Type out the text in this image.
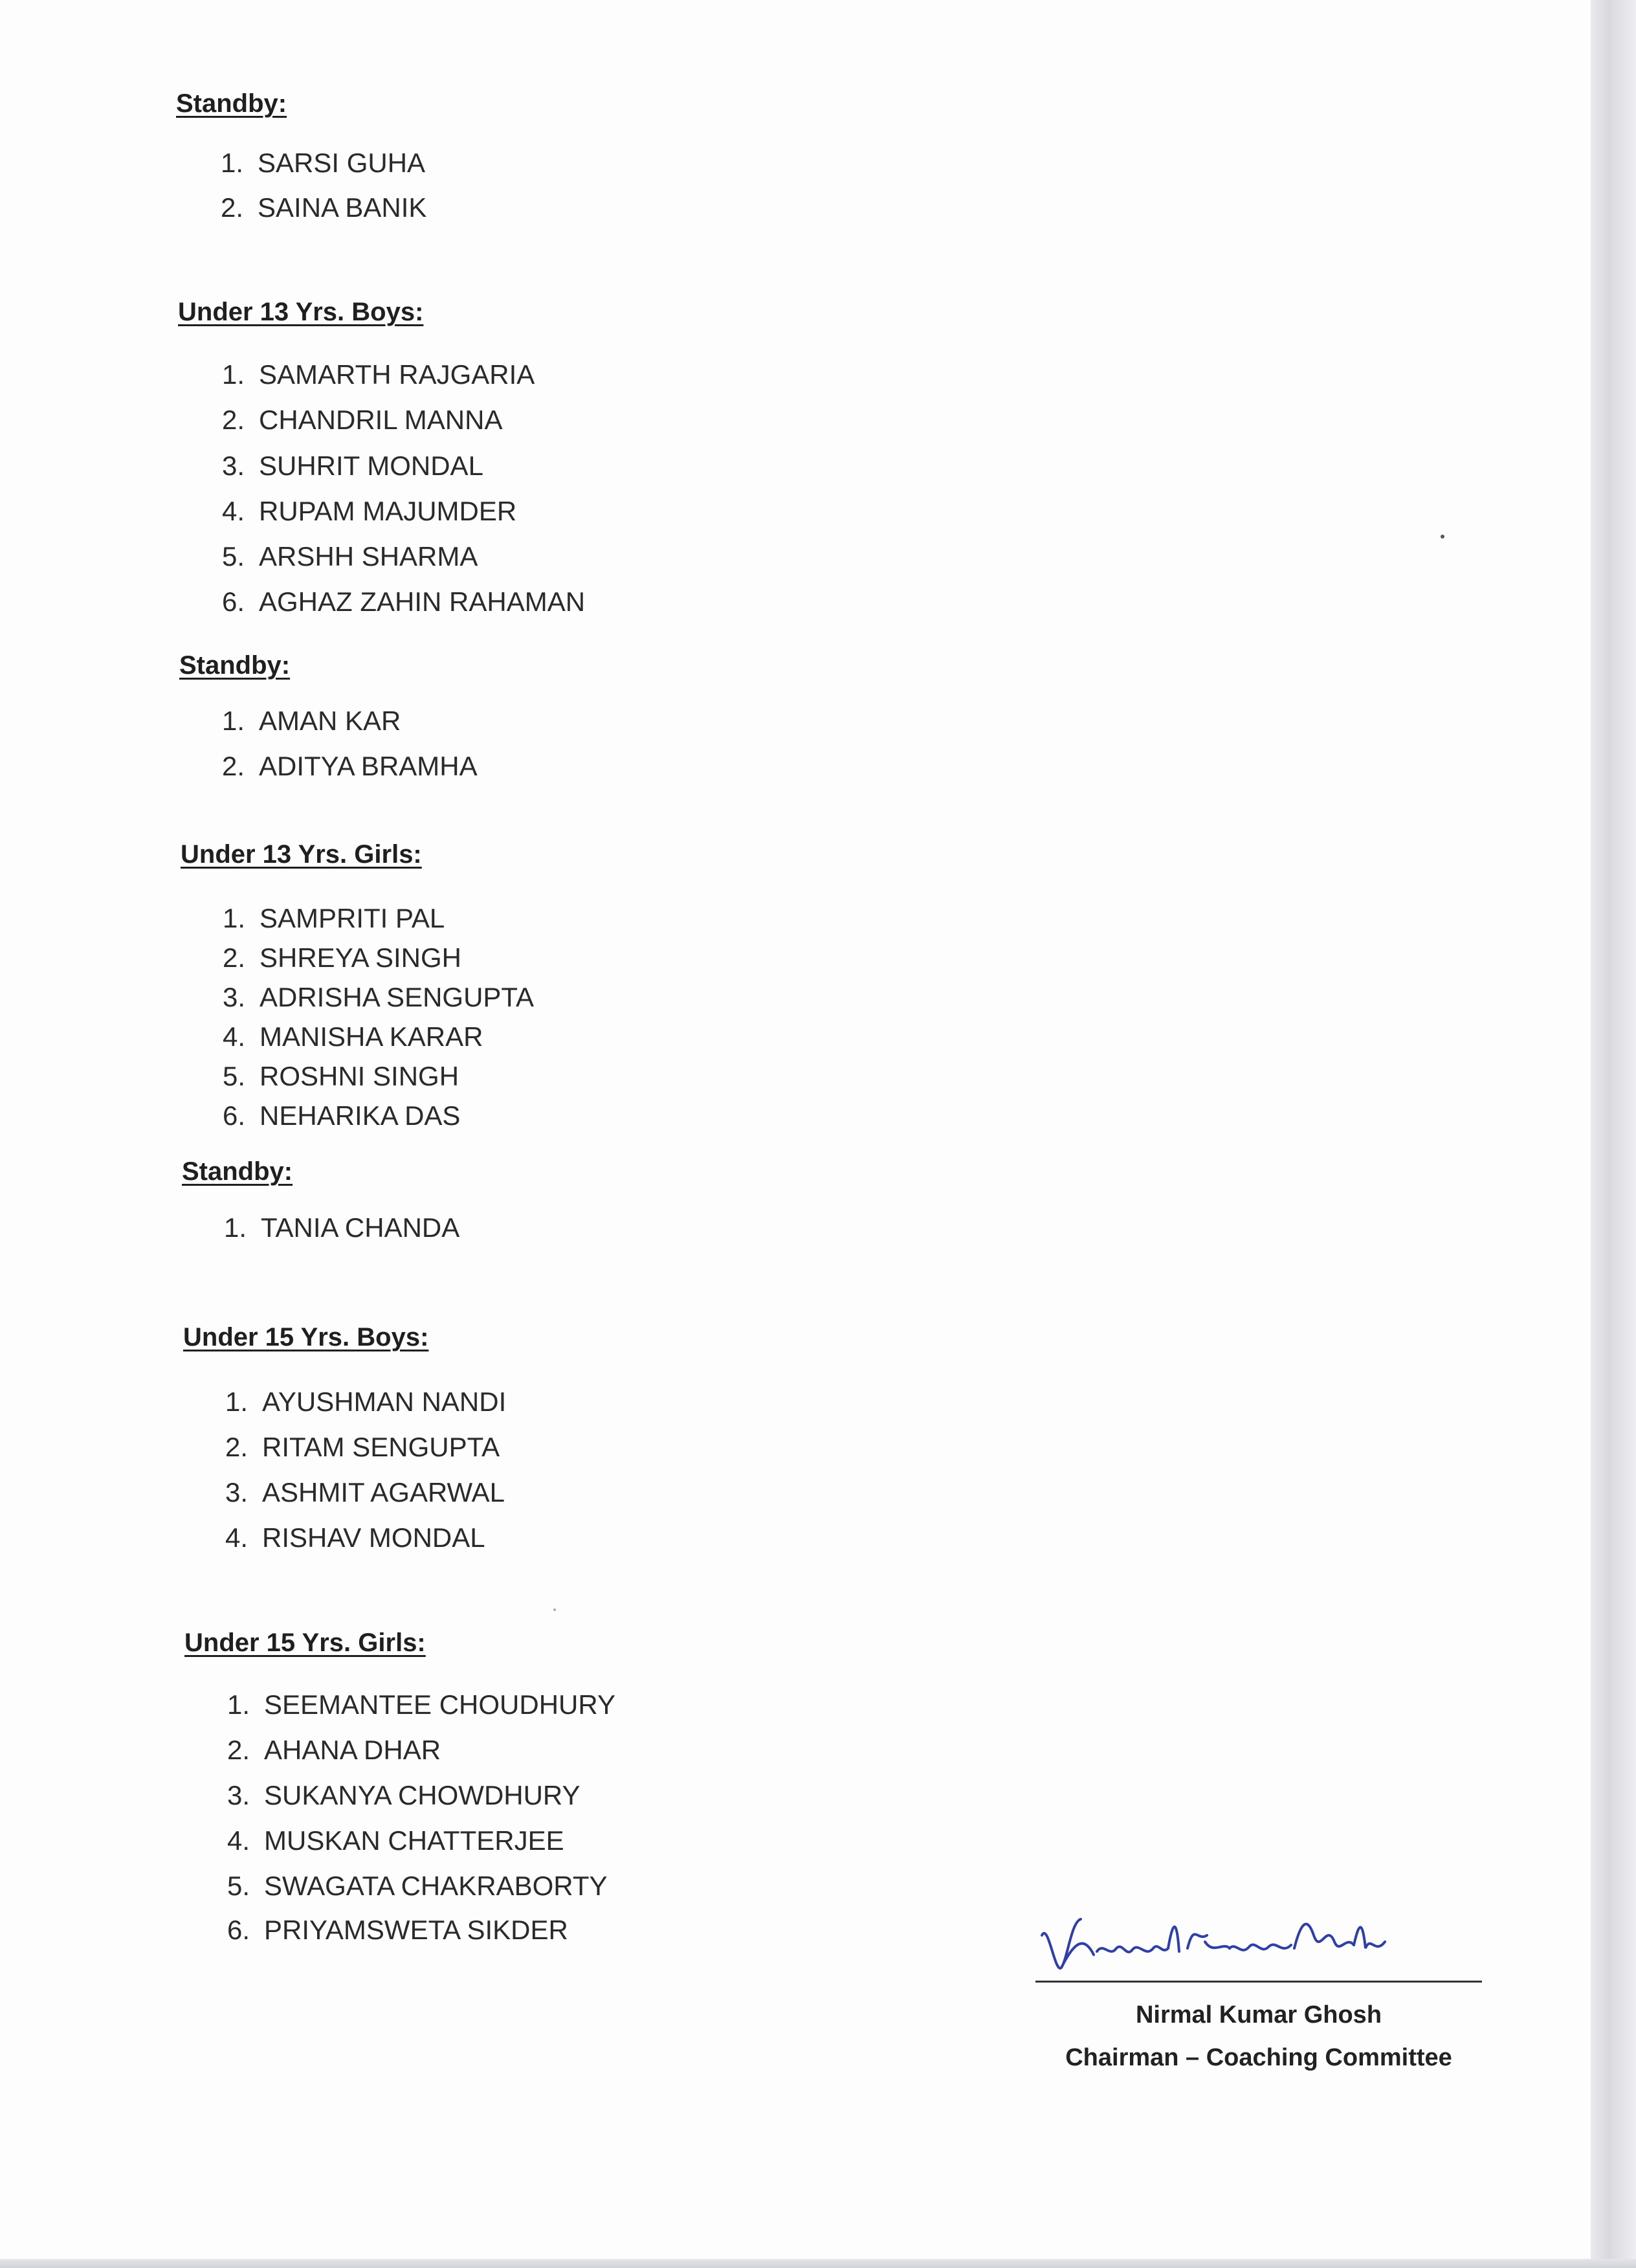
Standby:
1. SARSI GUHA
2. SAINA BANIK
Under 13 Yrs. Boys:
1. SAMARTH RAJGARIA
2. CHANDRIL MANNA
3. SUHRIT MONDAL
4. RUPAM MAJUMDER
5. ARSHH SHARMA
6. AGHAZ ZAHIN RAHAMAN
Standby:
1. AMAN KAR
2. ADITYA BRAMHA
Under 13 Yrs. Girls:
1. SAMPRITI PAL
2. SHREYA SINGH
3. ADRISHA SENGUPTA
4. MANISHA KARAR
5. ROSHNI SINGH
6. NEHARIKA DAS
Standby:
1. TANIA CHANDA
Under 15 Yrs. Boys:
1. AYUSHMAN NANDI
2. RITAM SENGUPTA
3. ASHMIT AGARWAL
4. RISHAV MONDAL
Under 15 Yrs. Girls:
1. SEEMANTEE CHOUDHURY
2. AHANA DHAR
3. SUKANYA CHOWDHURY
4. MUSKAN CHATTERJEE
5. SWAGATA CHAKRABORTY
6. PRIYAMSWETA SIKDER
Nirmal Kumar Ghosh
Chairman – Coaching Committee
